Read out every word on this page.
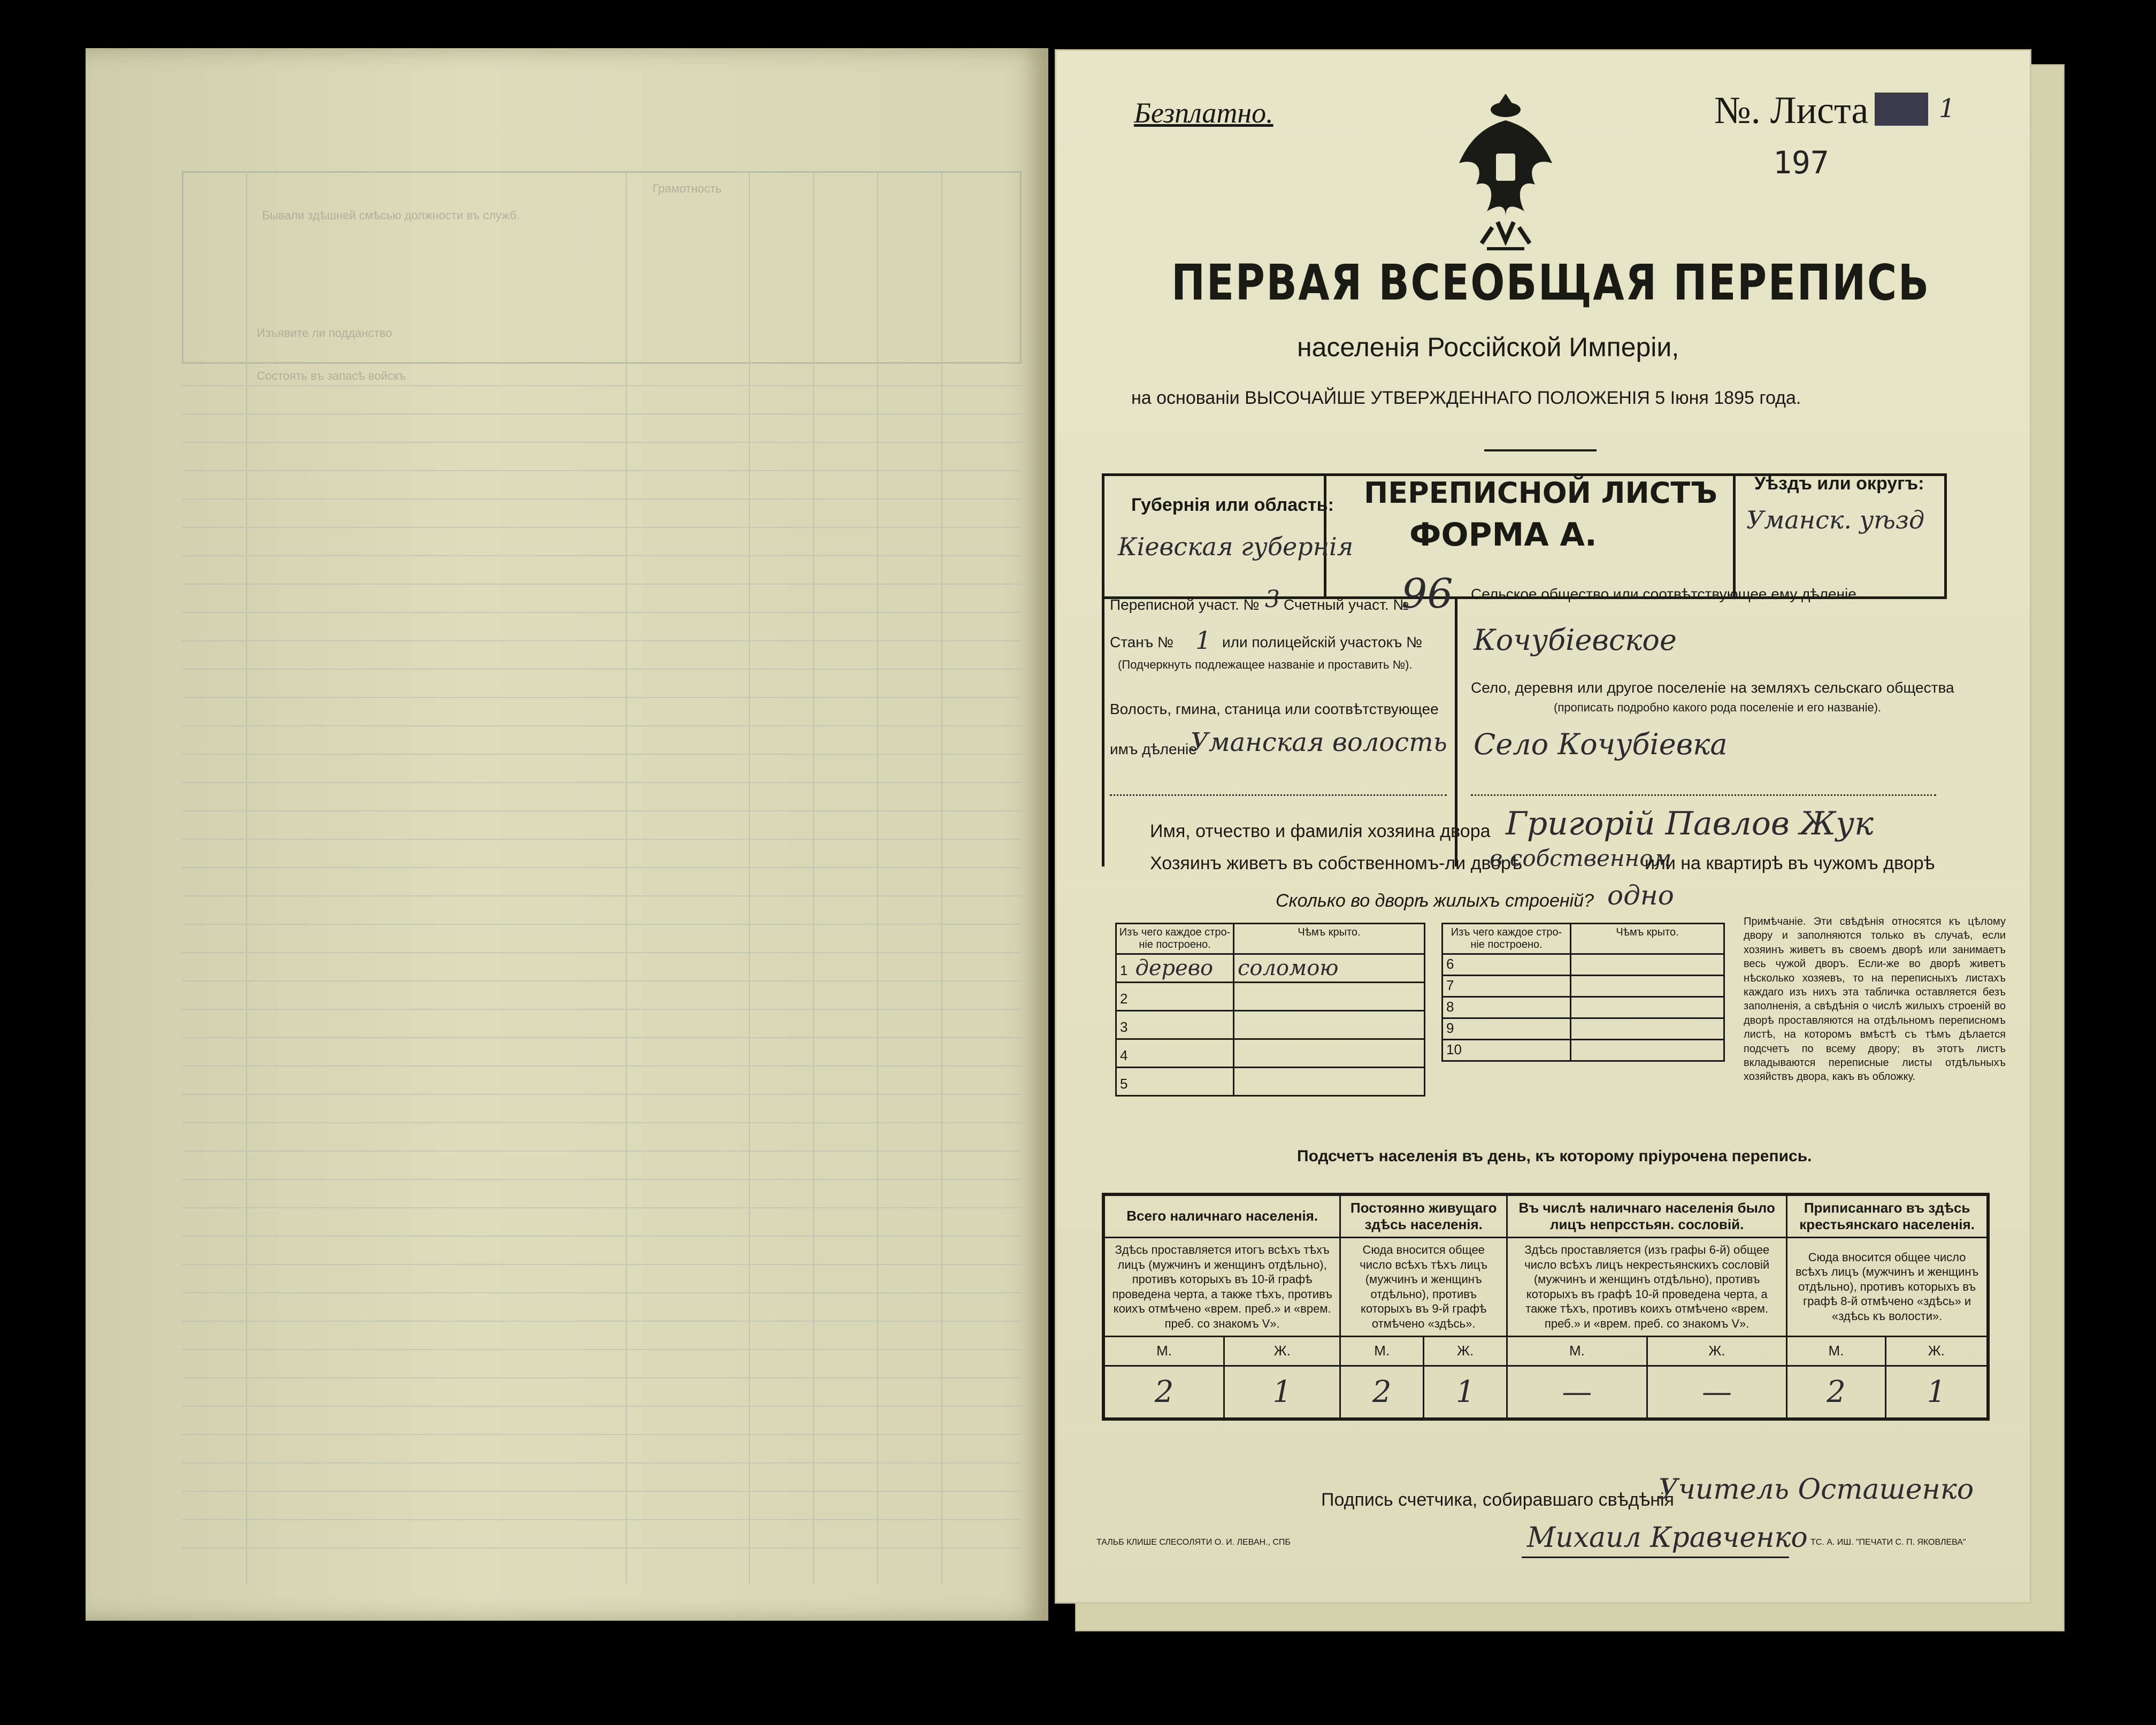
Бывали здѣшней смѣсью должности въ служб.
Грамотность
Изъявите ли подданство
Состоять въ запасѣ войскъ
Безплатно.	№. Листа	1
197
ПЕРВАЯ ВСЕОБЩАЯ ПЕРЕПИСЬ
населенія Россійской Имперіи,
на основаніи ВЫСОЧАЙШЕ УТВЕРЖДЕННАГО ПОЛОЖЕНІЯ 5 Іюня 1895 года.
Губернія или область:
Кіевская губернія
ПЕРЕПИСНОЙ ЛИСТЪ
ФОРМА А.
Уѣздъ или округъ:
Уманск. уѣзд
Переписной участ. № 3 Счетный участ. №
96
Станъ № 1 или полицейскій участокъ №
(Подчеркнуть подлежащее названіе и проставить №).
Волость, гмина, станица или соотвѣтствующее
имъ дѣленіе
Уманская волость
Сельское общество или соотвѣтствующее ему дѣленіе
Кочубіевское
Село, деревня или другое поселеніе на земляхъ сельскаго общества
(прописать подробно какого рода поселеніе и его названіе).
Село Кочубіевка
Имя, отчество и фамилія хозяина двора Григорій Павлов Жук
Хозяинъ живетъ въ собственномъ-ли дворѣ
в собственном
или на квартирѣ въ чужомъ дворѣ
Сколько во дворѣ жилыхъ строеній? одно
Изъ чего каждое стро-ніе построено.	Чѣмъ крыто.
1 дерево	соломою
2	
3	
4	
5	
Изъ чего каждое стро-ніе построено.	Чѣмъ крыто.
6	
7	
8	
9	
10	
Примѣчаніе. Эти свѣдѣнія относятся къ цѣлому двору и заполняются только въ случаѣ, если хозяинъ живетъ въ своемъ дворѣ или занимаетъ весь чужой дворъ. Если-же во дворѣ живетъ нѣсколько хозяевъ, то на переписныхъ листахъ каждаго изъ нихъ эта табличка оставляется безъ заполненія, а свѣдѣнія о числѣ жилыхъ строеній во дворѣ проставляются на отдѣльномъ переписномъ листѣ, на которомъ вмѣстѣ съ тѣмъ дѣлается подсчетъ по всему двору; въ этотъ листъ вкладываются переписные листы отдѣльныхъ хозяйствъ двора, какъ въ обложку.
Подсчетъ населенія въ день, къ которому пріурочена перепись.
Всего наличнаго населенія.		Постоянно живущаго здѣсь населенія.		Въ числѣ наличнаго населенія было лицъ непрсстьян. сословій.		Приписаннаго въ здѣсь крестьянскаго населенія.	
Здѣсь проставляется итогъ всѣхъ тѣхъ лицъ (мужчинъ и женщинъ отдѣльно), противъ которыхъ въ 10-й графѣ проведена черта, а также тѣхъ, противъ коихъ отмѣчено «врем. преб.» и «врем. преб. со знакомъ V».		Сюда вносится общее число всѣхъ тѣхъ лицъ (мужчинъ и женщинъ отдѣльно), противъ которыхъ въ 9-й графѣ отмѣчено «здѣсь».		Здѣсь проставляется (изъ графы 6-й) общее число всѣхъ лицъ некрестьянскихъ сословій (мужчинъ и женщинъ отдѣльно), противъ которыхъ въ графѣ 10-й проведена черта, а также тѣхъ, противъ коихъ отмѣчено «врем. преб.» и «врем. преб. со знакомъ V».		Сюда вносится общее число всѣхъ лицъ (мужчинъ и женщинъ отдѣльно), противъ которыхъ въ графѣ 8-й отмѣчено «здѣсь» и «здѣсь къ волости».	
М.	Ж.	М.	Ж.	М.	Ж.	М.	Ж.
2	1	2	1	—	—	2	1
Подпись счетчика, собиравшаго свѣдѣнія
Учитель Осташенко
Михаил Кравченко
ТАЛЬБ КЛИШЕ СЛЕСОЛЯТИ О. И. ЛЕВАН., СПБ	ТС. А. ИШ. "ПЕЧАТИ С. П. ЯКОВЛЕВА"
